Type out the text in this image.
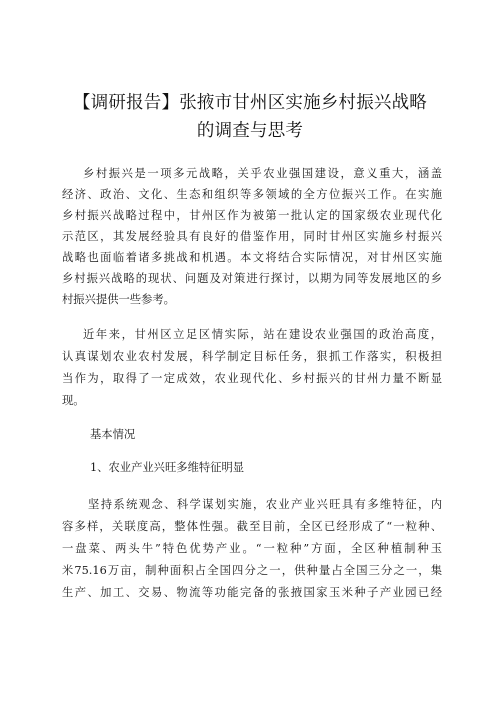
【调研报告】张掖市甘州区实施乡村振兴战略
的调查与思考
乡村振兴是一项多元战略，关乎农业强国建设，意义重大，涵盖
经济、政治、文化、生态和组织等多领域的全方位振兴工作。在实施
乡村振兴战略过程中，甘州区作为被第一批认定的国家级农业现代化
示范区，其发展经验具有良好的借鉴作用，同时甘州区实施乡村振兴
战略也面临着诸多挑战和机遇。本文将结合实际情况，对甘州区实施
乡村振兴战略的现状、问题及对策进行探讨，以期为同等发展地区的乡
村振兴提供一些参考。
近年来，甘州区立足区情实际，站在建设农业强国的政治高度，
认真谋划农业农村发展，科学制定目标任务，狠抓工作落实，积极担
当作为，取得了一定成效，农业现代化、乡村振兴的甘州力量不断显
现。
基本情况
1、农业产业兴旺多维特征明显
坚持系统观念、科学谋划实施，农业产业兴旺具有多维特征，内
容多样，关联度高，整体性强。截至目前，全区已经形成了“一粒种、
一盘菜、两头牛”特色优势产业。“一粒种”方面，全区种植制种玉
米75.16万亩，制种面积占全国四分之一，供种量占全国三分之一，集
生产、加工、交易、物流等功能完备的张掖国家玉米种子产业园已经
